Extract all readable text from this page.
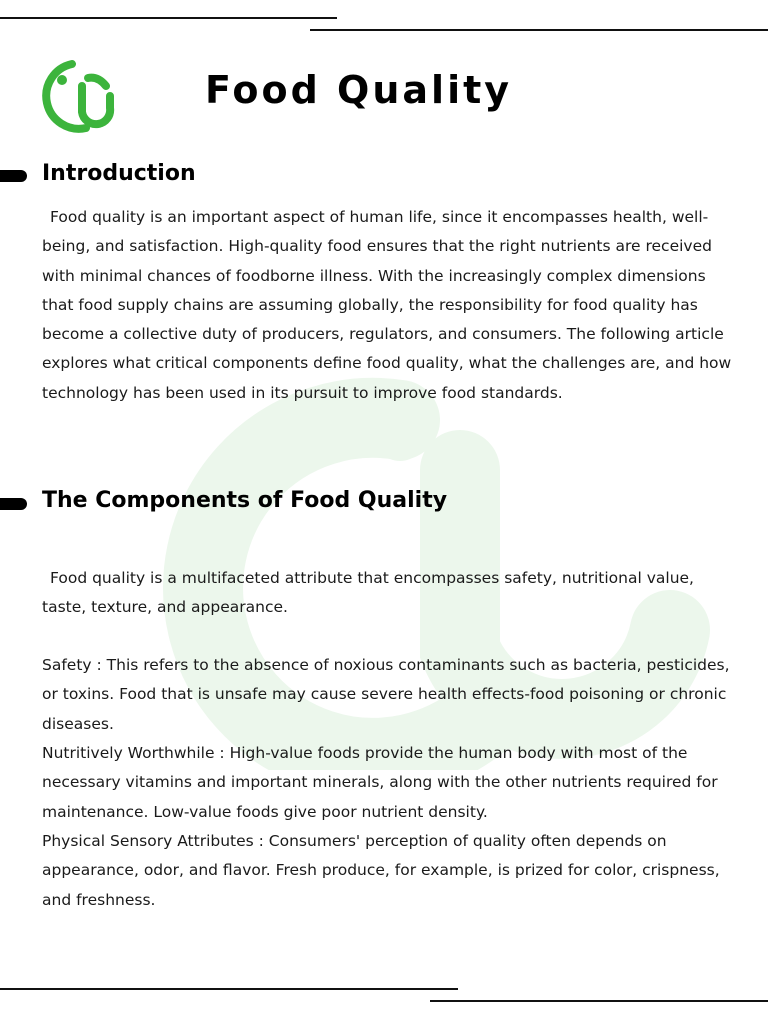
Food Quality
Introduction

Food quality is an important aspect of human life, since it encompasses health, well-being, and satisfaction. High-quality food ensures that the right nutrients are received with minimal chances of foodborne illness. With the increasingly complex dimensions that food supply chains are assuming globally, the responsibility for food quality has become a collective duty of producers, regulators, and consumers. The following article explores what critical components define food quality, what the challenges are, and how technology has been used in its pursuit to improve food standards.

The Components of Food Quality

Food quality is a multifaceted attribute that encompasses safety, nutritional value, taste, texture, and appearance.

Safety : This refers to the absence of noxious contaminants such as bacteria, pesticides, or toxins. Food that is unsafe may cause severe health effects-food poisoning or chronic diseases.

Nutritively Worthwhile : High-value foods provide the human body with most of the necessary vitamins and important minerals, along with the other nutrients required for maintenance. Low-value foods give poor nutrient density.

Physical Sensory Attributes : Consumers' perception of quality often depends on appearance, odor, and flavor. Fresh produce, for example, is prized for color, crispness, and freshness.
